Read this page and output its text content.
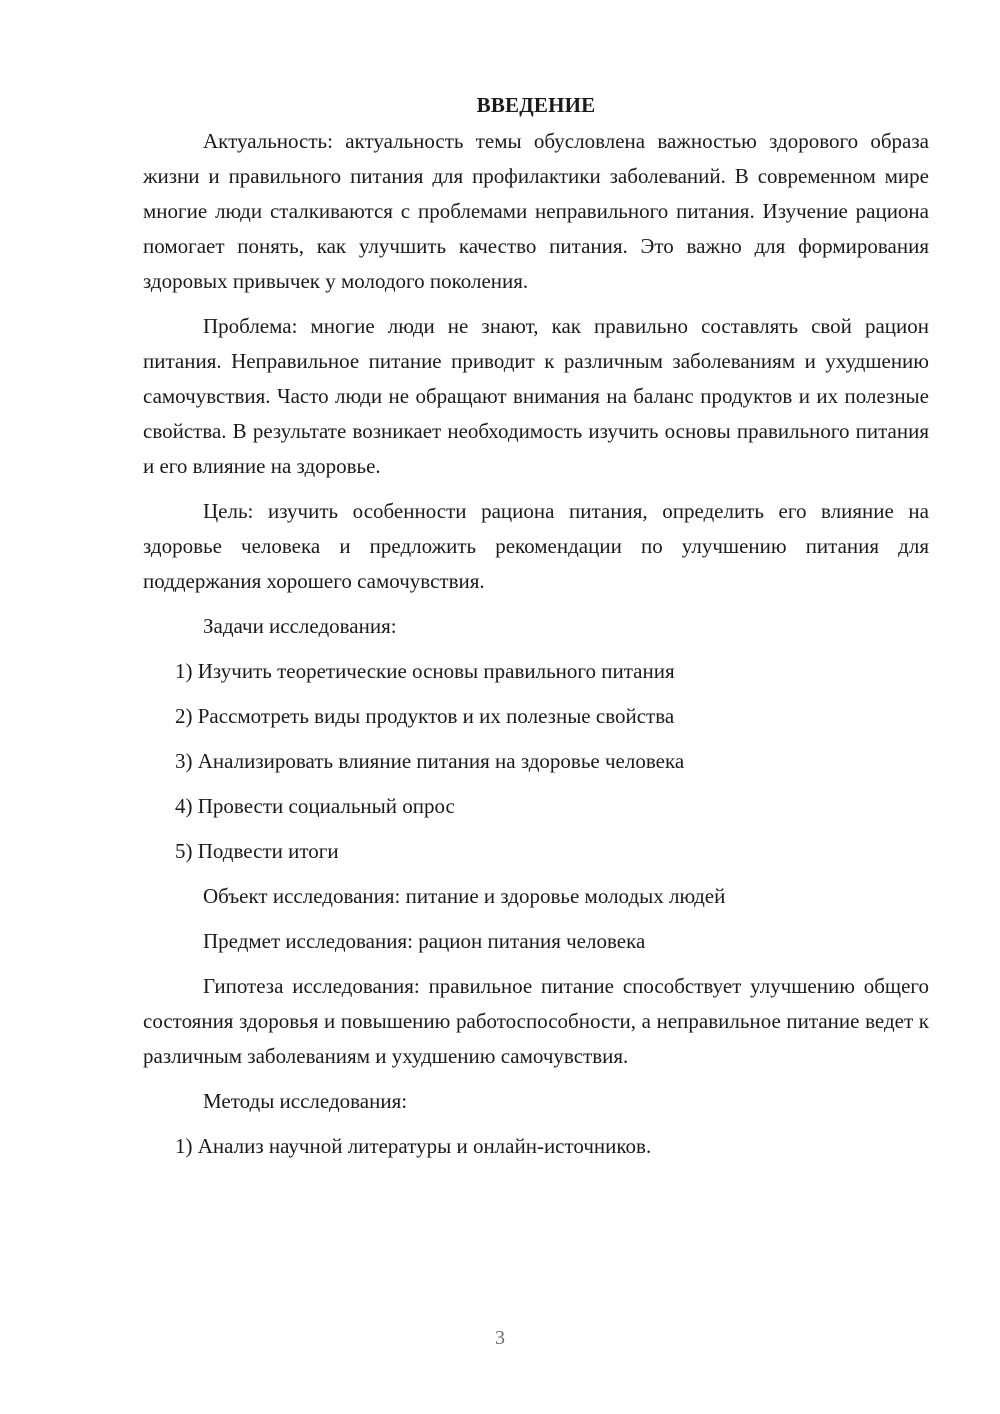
ВВЕДЕНИЕ

Актуальность: актуальность темы обусловлена важностью здорового образа жизни и правильного питания для профилактики заболеваний. В современном мире многие люди сталкиваются с проблемами неправильного питания. Изучение рациона помогает понять, как улучшить качество питания. Это важно для формирования здоровых привычек у молодого поколения.

Проблема: многие люди не знают, как правильно составлять свой рацион питания. Неправильное питание приводит к различным заболеваниям и ухудшению самочувствия. Часто люди не обращают внимания на баланс продуктов и их полезные свойства. В результате возникает необходимость изучить основы правильного питания и его влияние на здоровье.

Цель: изучить особенности рациона питания, определить его влияние на здоровье человека и предложить рекомендации по улучшению питания для поддержания хорошего самочувствия.

Задачи исследования:

1) Изучить теоретические основы правильного питания
2) Рассмотреть виды продуктов и их полезные свойства
3) Анализировать влияние питания на здоровье человека
4) Провести социальный опрос
5) Подвести итоги

Объект исследования: питание и здоровье молодых людей

Предмет исследования: рацион питания человека

Гипотеза исследования: правильное питание способствует улучшению общего состояния здоровья и повышению работоспособности, а неправильное питание ведет к различным заболеваниям и ухудшению самочувствия.

Методы исследования:

1) Анализ научной литературы и онлайн-источников.
3
